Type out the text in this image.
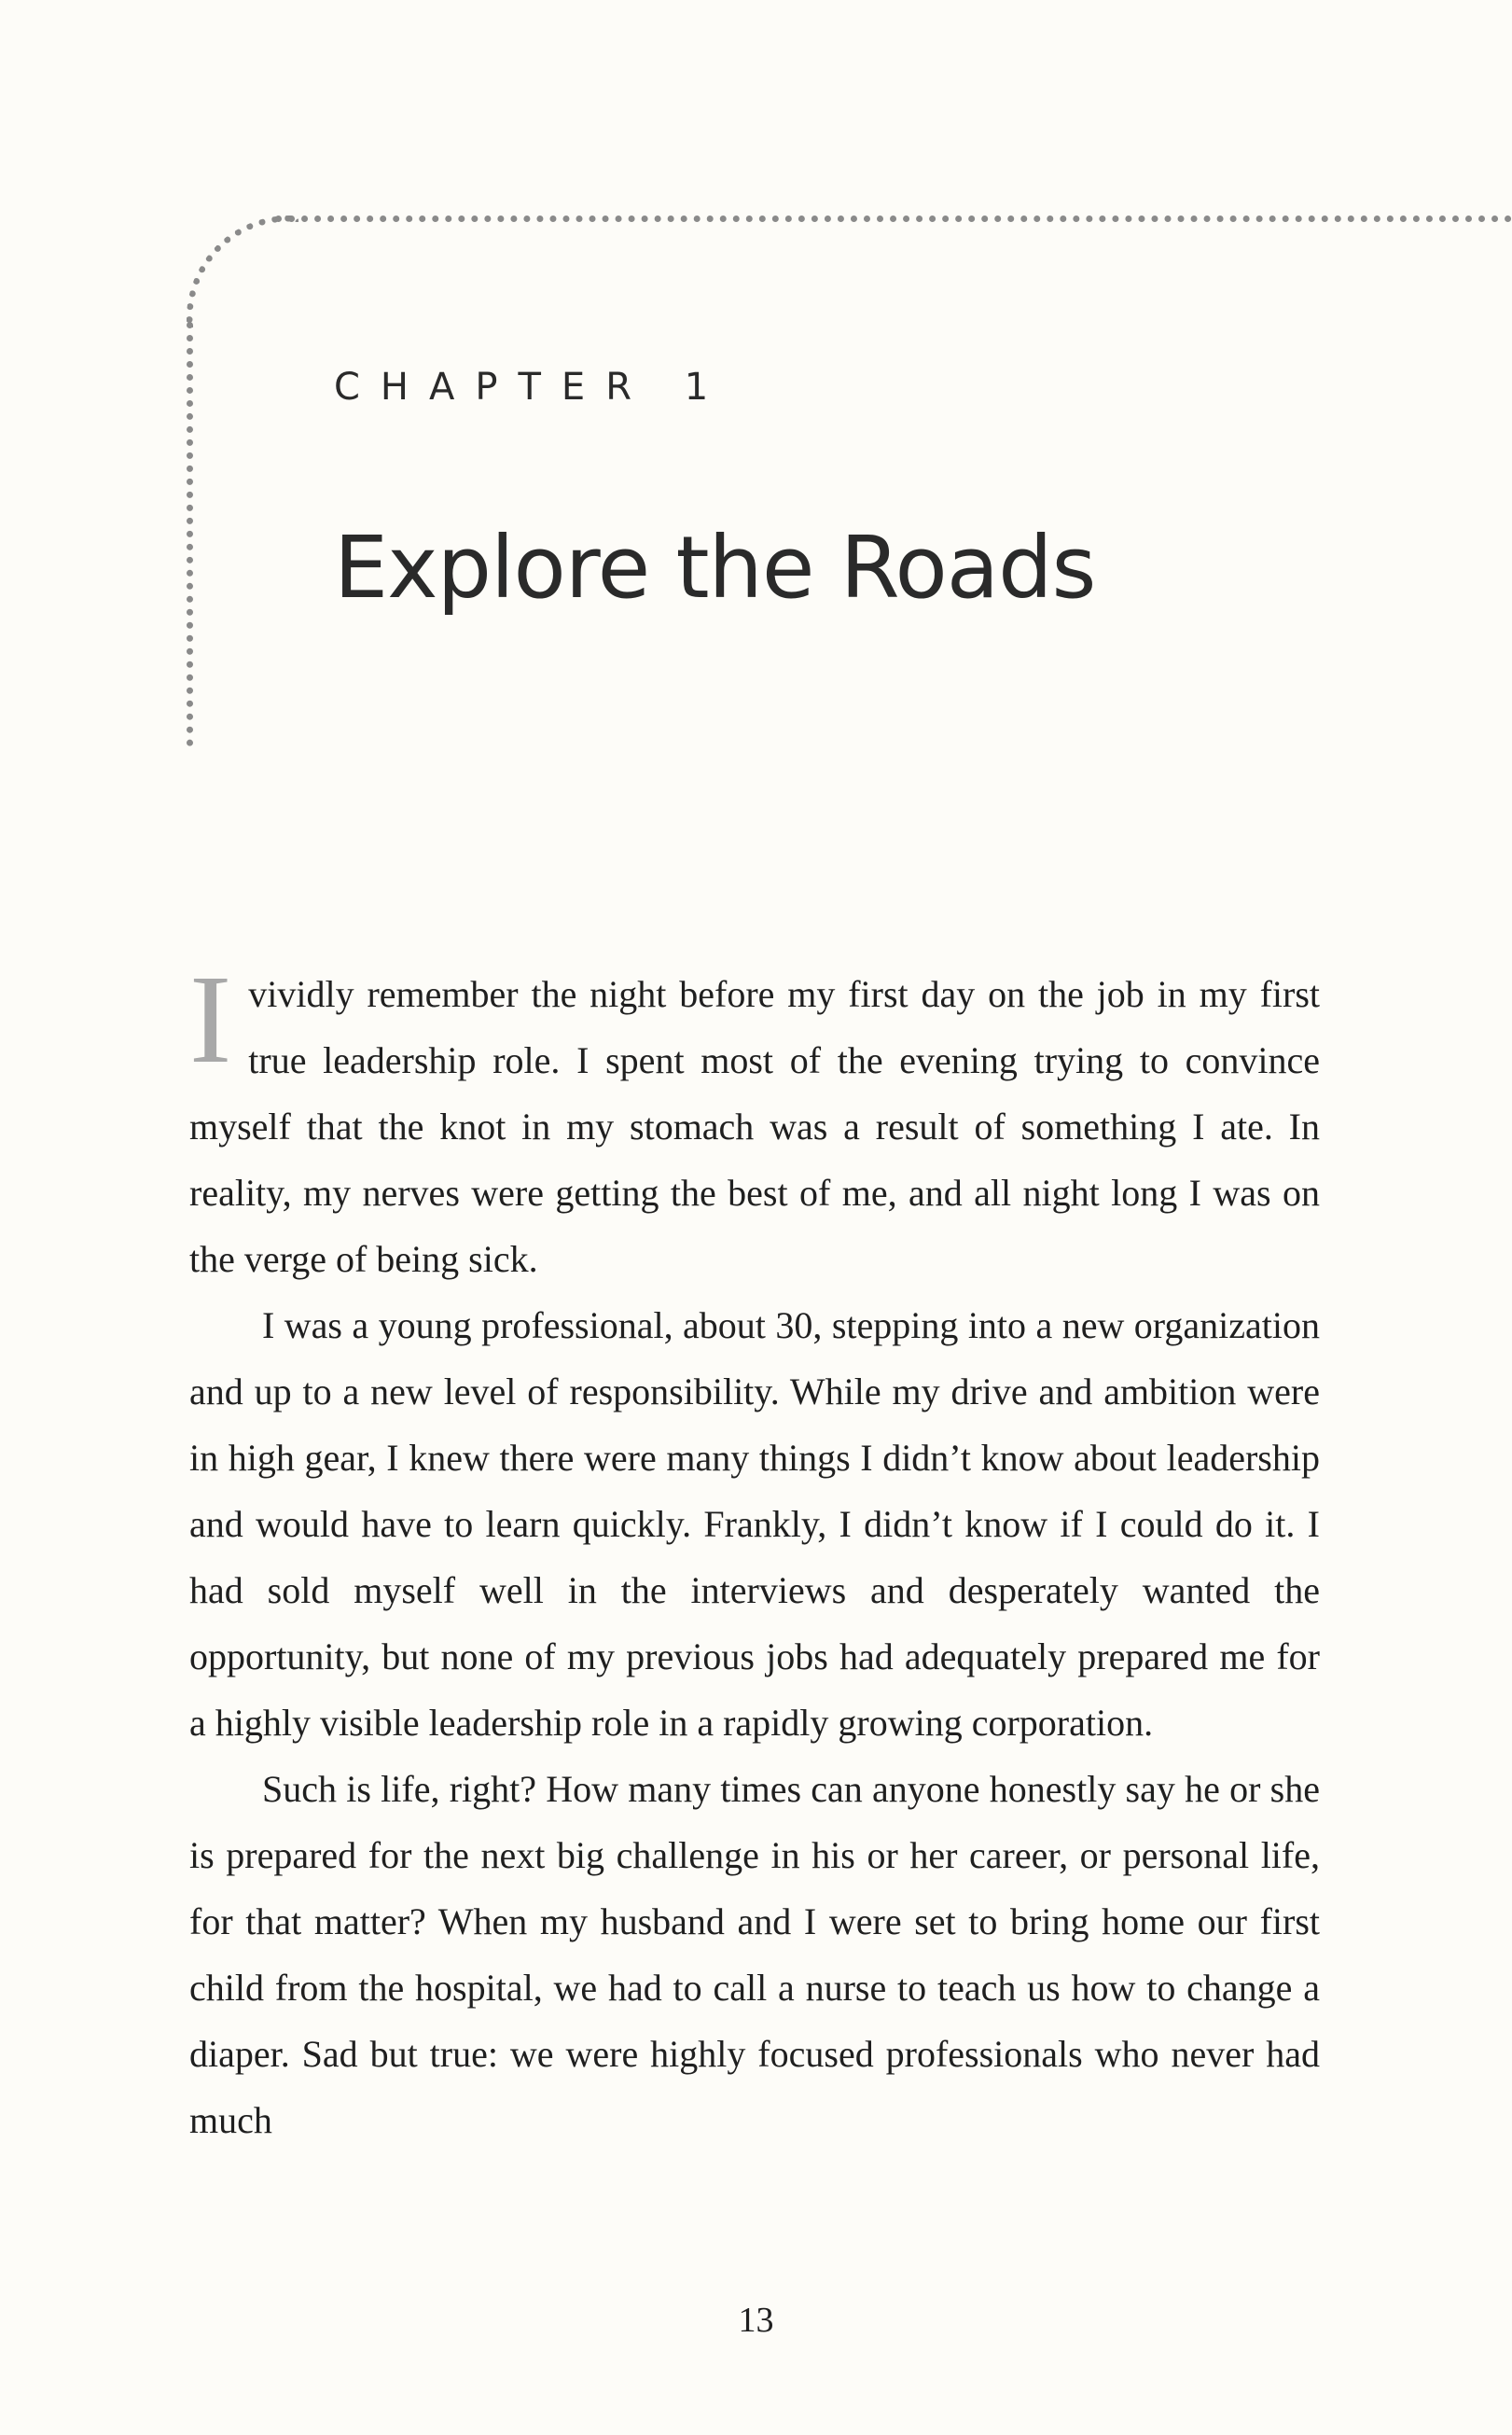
CHAPTER 1
Explore the Roads

I vividly remember the night before my first day on the job in my first true leadership role. I spent most of the evening trying to convince myself that the knot in my stomach was a result of something I ate. In reality, my nerves were getting the best of me, and all night long I was on the verge of being sick.

I was a young professional, about 30, stepping into a new organization and up to a new level of responsibility. While my drive and ambition were in high gear, I knew there were many things I didn’t know about leadership and would have to learn quickly. Frankly, I didn’t know if I could do it. I had sold myself well in the interviews and desperately wanted the opportunity, but none of my previous jobs had adequately prepared me for a highly visible leadership role in a rapidly growing corporation.

Such is life, right? How many times can anyone honestly say he or she is prepared for the next big challenge in his or her career, or personal life, for that matter? When my husband and I were set to bring home our first child from the hospital, we had to call a nurse to teach us how to change a diaper. Sad but true: we were highly focused professionals who never had much

13
